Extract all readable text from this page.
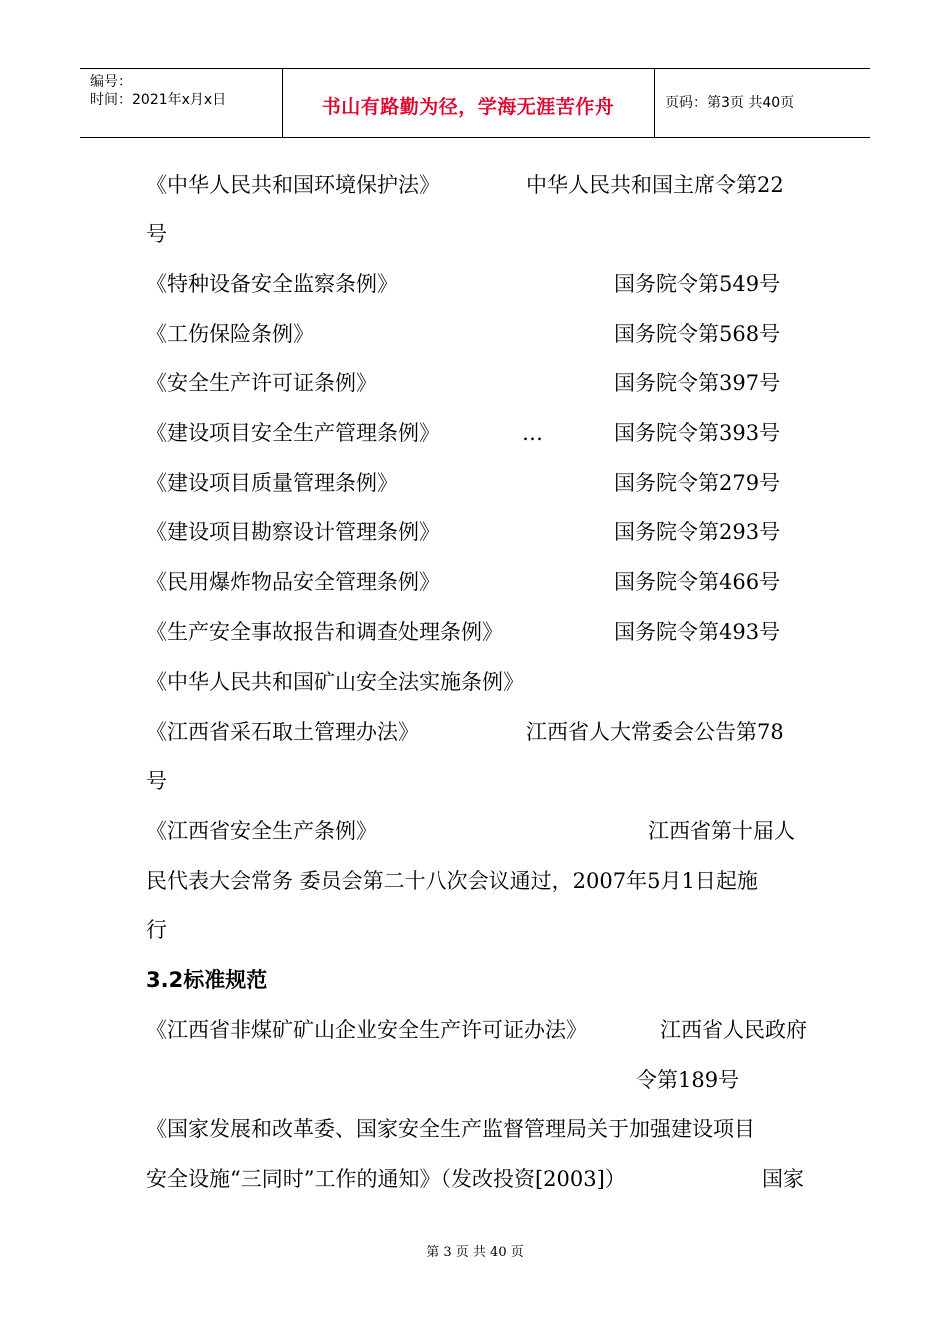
编号：
时间：2021年x月x日	书山有路勤为径，学海无涯苦作舟	页码：第3页 共40页
《中华人民共和国环境保护法》	中华人民共和国主席令第22
号
《特种设备安全监察条例》	国务院令第549号
《工伤保险条例》	国务院令第568号
《安全生产许可证条例》	国务院令第397号
《建设项目安全生产管理条例》	…	国务院令第393号
《建设项目质量管理条例》	国务院令第279号
《建设项目勘察设计管理条例》	国务院令第293号
《民用爆炸物品安全管理条例》	国务院令第466号
《生产安全事故报告和调查处理条例》	国务院令第493号
《中华人民共和国矿山安全法实施条例》
《江西省采石取土管理办法》	江西省人大常委会公告第78
号
《江西省安全生产条例》	江西省第十届人
民代表大会常务 委员会第二十八次会议通过，2007年5月1日起施
行
3.2标准规范
《江西省非煤矿矿山企业安全生产许可证办法》	江西省人民政府
令第189号
《国家发展和改革委、国家安全生产监督管理局关于加强建设项目
安全设施“三同时”工作的通知》（发改投资[2003]）	国家
第 3 页 共 40 页
